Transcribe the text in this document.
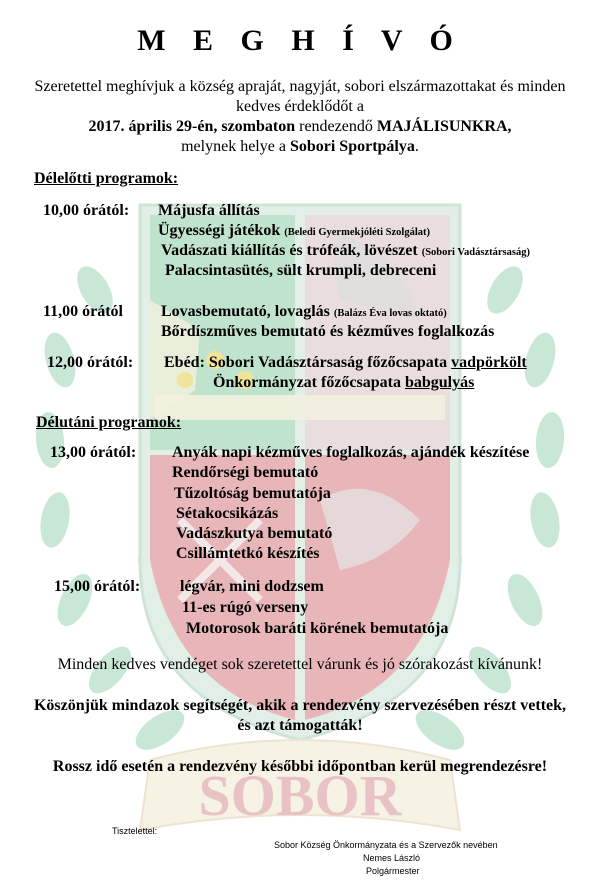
SOBOR
M E G H Í V Ó
Szeretettel meghívjuk a község apraját, nagyját, sobori elszármazottakat és minden
kedves érdeklődőt a
2017. április 29-én, szombaton rendezendő MAJÁLISUNKRA,
melynek helye a Sobori Sportpálya.
Délelőtti programok:
10,00 órától: Májusfa állítás
Ügyességi játékok (Beledi Gyermekjóléti Szolgálat)
Vadászati kiállítás és trófeák, lövészet (Sobori Vadásztársaság)
Palacsintasütés, sült krumpli, debreceni
11,00 órától Lovasbemutató, lovaglás (Balázs Éva lovas oktató)
Bőrdíszműves bemutató és kézműves foglalkozás
12,00 órától: Ebéd: Sobori Vadásztársaság főzőcsapata vadpörkölt
Önkormányzat főzőcsapata babgulyás
Délutáni programok:
13,00 órától: Anyák napi kézműves foglalkozás, ajándék készítése
Rendőrségi bemutató
Tűzoltóság bemutatója
Sétakocsikázás
Vadászkutya bemutató
Csillámtetkó készítés
15,00 órától: légvár, mini dodzsem
11-es rúgó verseny
Motorosok baráti körének bemutatója
Minden kedves vendéget sok szeretettel várunk és jó szórakozást kívánunk!
Köszönjük mindazok segítségét, akik a rendezvény szervezésében részt vettek,
és azt támogatták!
Rossz idő esetén a rendezvény későbbi időpontban kerül megrendezésre!
Tisztelettel:
Sobor Község Önkormányzata és a Szervezők nevében
Nemes László
Polgármester
